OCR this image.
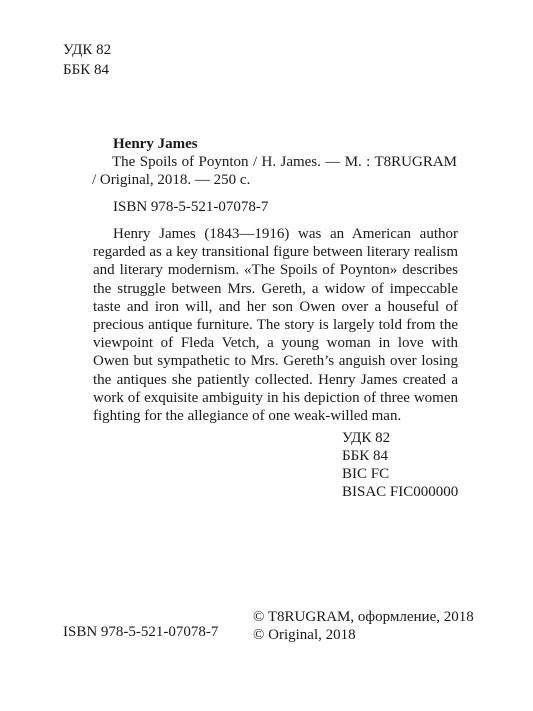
УДК 82
ББК 84
Henry James
The Spoils of Poynton / H. James. — M. : T8RUGRAM / Original, 2018. — 250 c.
ISBN 978-5-521-07078-7
Henry James (1843—1916) was an American author regarded as a key transitional figure between literary realism and literary modernism. «The Spoils of Poynton» describes the struggle between Mrs. Gereth, a widow of impeccable taste and iron will, and her son Owen over a houseful of precious antique furniture. The story is largely told from the viewpoint of Fleda Vetch, a young woman in love with Owen but sympathetic to Mrs. Gereth’s anguish over losing the antiques she patiently collected. Henry James created a work of exquisite ambiguity in his depiction of three women fighting for the allegiance of one weak-willed man.
УДК 82
ББК 84
BIC FC
BISAC FIC000000
© T8RUGRAM, оформление, 2018
© Original, 2018
ISBN 978-5-521-07078-7
